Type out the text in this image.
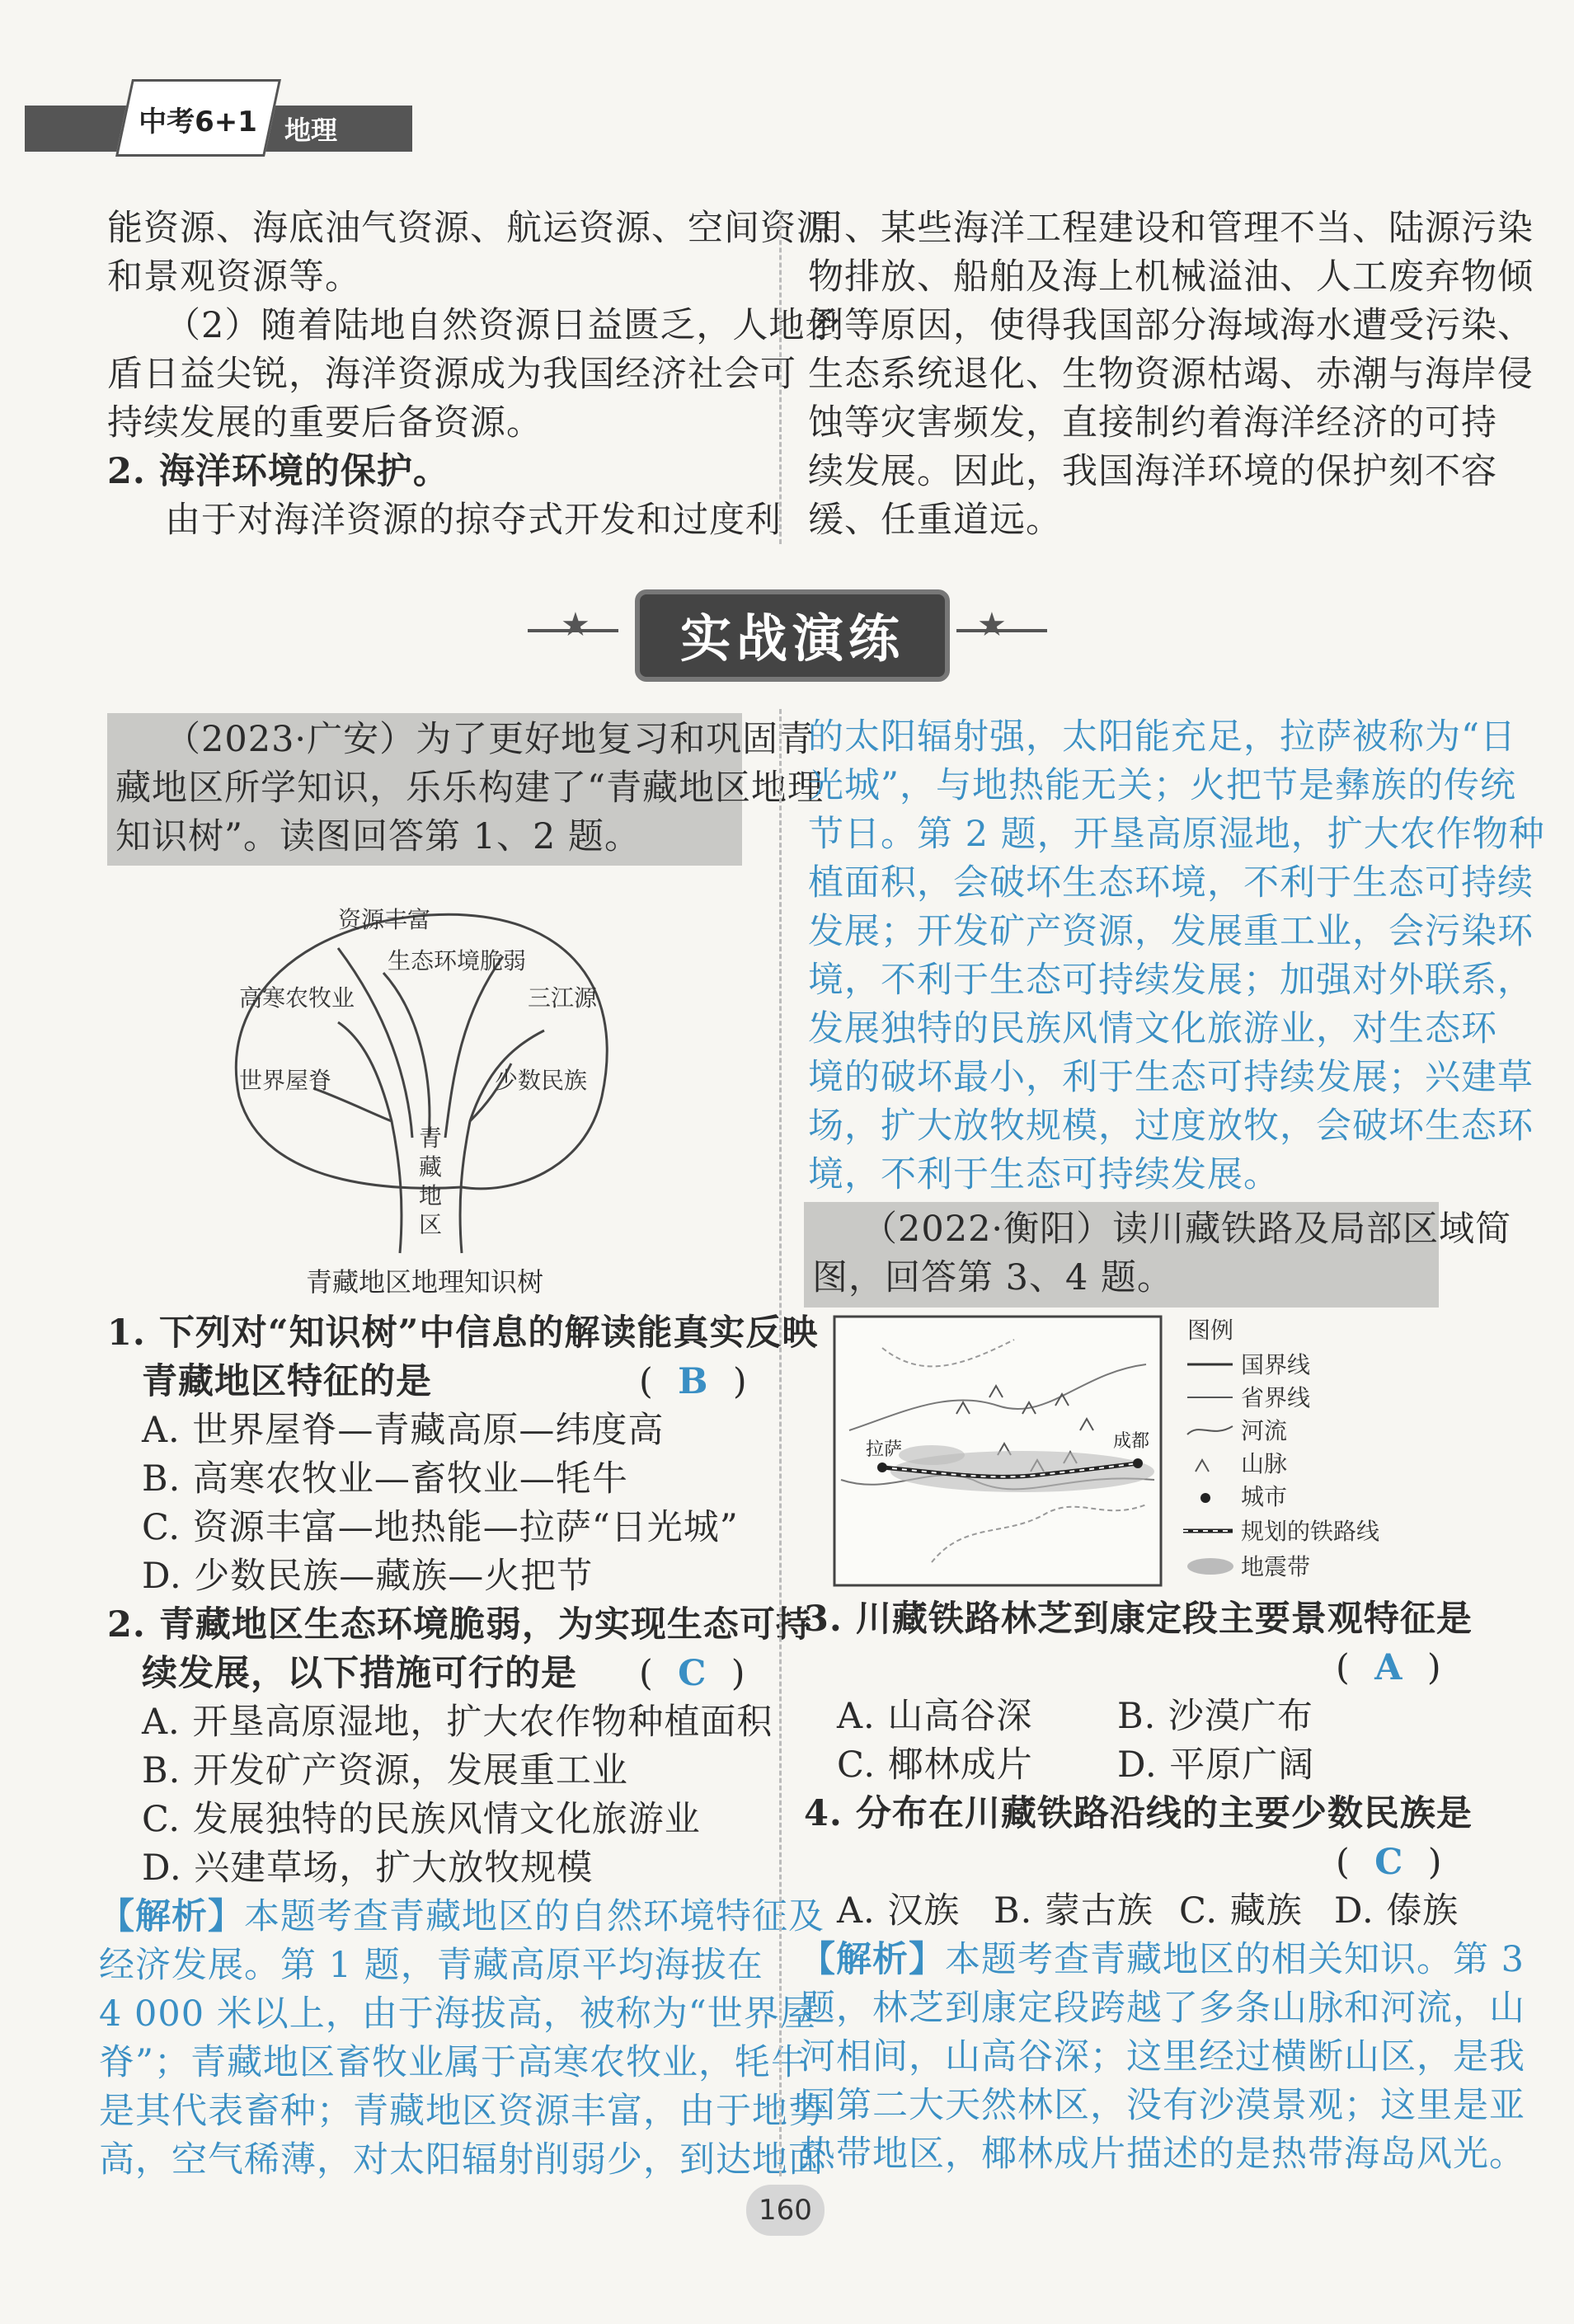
中考6+1	地理

能资源、海底油气资源、航运资源、空间资源

和景观资源等。

（2）随着陆地自然资源日益匮乏，人地矛

盾日益尖锐，海洋资源成为我国经济社会可

持续发展的重要后备资源。

2. 海洋环境的保护。

由于对海洋资源的掠夺式开发和过度利

用、某些海洋工程建设和管理不当、陆源污染

物排放、船舶及海上机械溢油、人工废弃物倾

倒等原因，使得我国部分海域海水遭受污染、

生态系统退化、生物资源枯竭、赤潮与海岸侵

蚀等灾害频发，直接制约着海洋经济的可持

续发展。因此，我国海洋环境的保护刻不容

缓、任重道远。

★	★
实战演练

（2023·广安）为了更好地复习和巩固青

藏地区所学知识，乐乐构建了“青藏地区地理

知识树”。读图回答第 1、2 题。

资源丰富
生态环境脆弱
高寒农牧业	三江源
世界屋脊	少数民族
青
藏
地
区
青藏地区地理知识树

1. 下列对“知识树”中信息的解读能真实反映

青藏地区特征的是

A. 世界屋脊—青藏高原—纬度高

B. 高寒农牧业—畜牧业—牦牛

C. 资源丰富—地热能—拉萨“日光城”

D. 少数民族—藏族—火把节

(  B  )

2. 青藏地区生态环境脆弱，为实现生态可持

续发展，以下措施可行的是

A. 开垦高原湿地，扩大农作物种植面积

B. 开发矿产资源，发展重工业

C. 发展独特的民族风情文化旅游业

D. 兴建草场，扩大放牧规模

(  C  )

【解析】本题考查青藏地区的自然环境特征及

经济发展。第 1 题，青藏高原平均海拔在

4 000 米以上，由于海拔高，被称为“世界屋

脊”；青藏地区畜牧业属于高寒农牧业，牦牛

是其代表畜种；青藏地区资源丰富，由于地势

高，空气稀薄，对太阳辐射削弱少，到达地面

的太阳辐射强，太阳能充足，拉萨被称为“日

光城”，与地热能无关；火把节是彝族的传统

节日。第 2 题，开垦高原湿地，扩大农作物种

植面积，会破坏生态环境，不利于生态可持续

发展；开发矿产资源，发展重工业，会污染环

境，不利于生态可持续发展；加强对外联系，

发展独特的民族风情文化旅游业，对生态环

境的破坏最小，利于生态可持续发展；兴建草

场，扩大放牧规模，过度放牧，会破坏生态环

境，不利于生态可持续发展。

（2022·衡阳）读川藏铁路及局部区域简

图，回答第 3、4 题。

拉萨	成都
图例
国界线
省界线
河流
山脉
城市
规划的铁路线
地震带

3. 川藏铁路林芝到康定段主要景观特征是

(  A  )
A. 山高谷深 B. 沙漠广布
C. 椰林成片 D. 平原广阔

4. 分布在川藏铁路沿线的主要少数民族是

(  C  )
A. 汉族 B. 蒙古族 C. 藏族 D. 傣族

【解析】本题考查青藏地区的相关知识。第 3

题，林芝到康定段跨越了多条山脉和河流，山

河相间，山高谷深；这里经过横断山区，是我

国第二大天然林区，没有沙漠景观；这里是亚

热带地区，椰林成片描述的是热带海岛风光。

160
